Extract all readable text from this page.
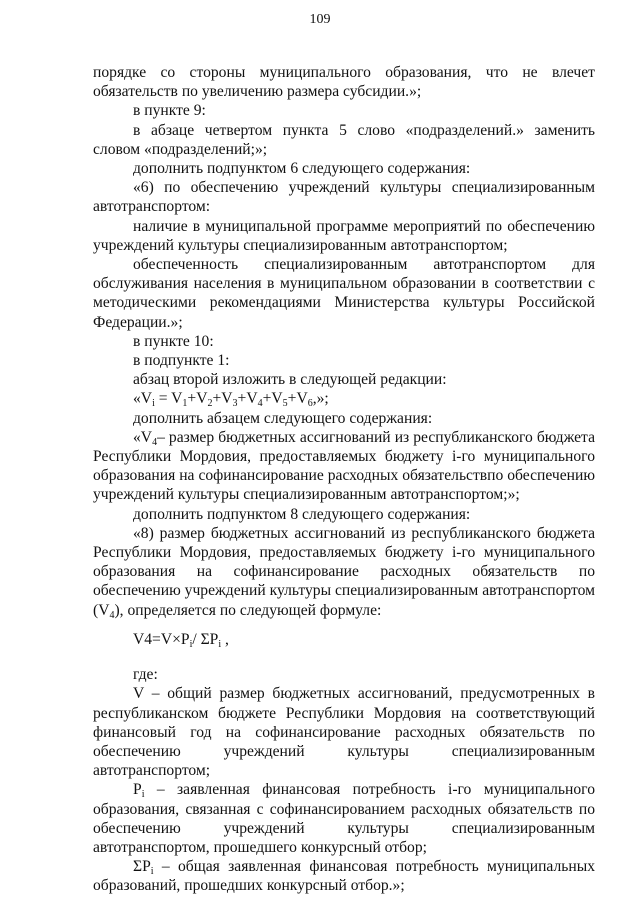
109

порядке со стороны муниципального образования, что не влечет обязательств по увеличению размера субсидии.»;

в пункте 9:

в абзаце четвертом пункта 5 слово «подразделений.» заменить словом «подразделений;»;

дополнить подпунктом 6 следующего содержания:

«6) по обеспечению учреждений культуры специализированным автотранспортом:

наличие в муниципальной программе мероприятий по обеспечению учреждений культуры специализированным автотранспортом;

обеспеченность специализированным автотранспортом для обслуживания населения в муниципальном образовании в соответствии с методическими рекомендациями Министерства культуры Российской Федерации.»;

в пункте 10:

в подпункте 1:

абзац второй изложить в следующей редакции:

«$V_i = V_1+V_2+V_3+V_4+V_5+V_6$,»;

дополнить абзацем следующего содержания:

«$V_4-$ размер бюджетных ассигнований из республиканского бюджета Республики Мордовия, предоставляемых бюджету i-го муниципального образования на софинансирование расходных обязательствпо обеспечению учреждений культуры специализированным автотранспортом;»;

дополнить подпунктом 8 следующего содержания:

«8) размер бюджетных ассигнований из республиканского бюджета Республики Мордовия, предоставляемых бюджету i-го муниципального образования на софинансирование расходных обязательств по обеспечению учреждений культуры специализированным автотранспортом $(V_4)$, определяется по следующей формуле:

$V4=V\times P_i/$ $\Sigma P_i$ ,

где:

V – общий размер бюджетных ассигнований, предусмотренных в республиканском бюджете Республики Мордовия на соответствующий финансовый год на софинансирование расходных обязательств по обеспечению учреждений культуры специализированным автотранспортом;

$P_i$ – заявленная финансовая потребность i-го муниципального образования, связанная с софинансированием расходных обязательств по обеспечению учреждений культуры специализированным автотранспортом, прошедшего конкурсный отбор;

$\Sigma P_i$ – общая заявленная финансовая потребность муниципальных образований, прошедших конкурсный отбор.»;
